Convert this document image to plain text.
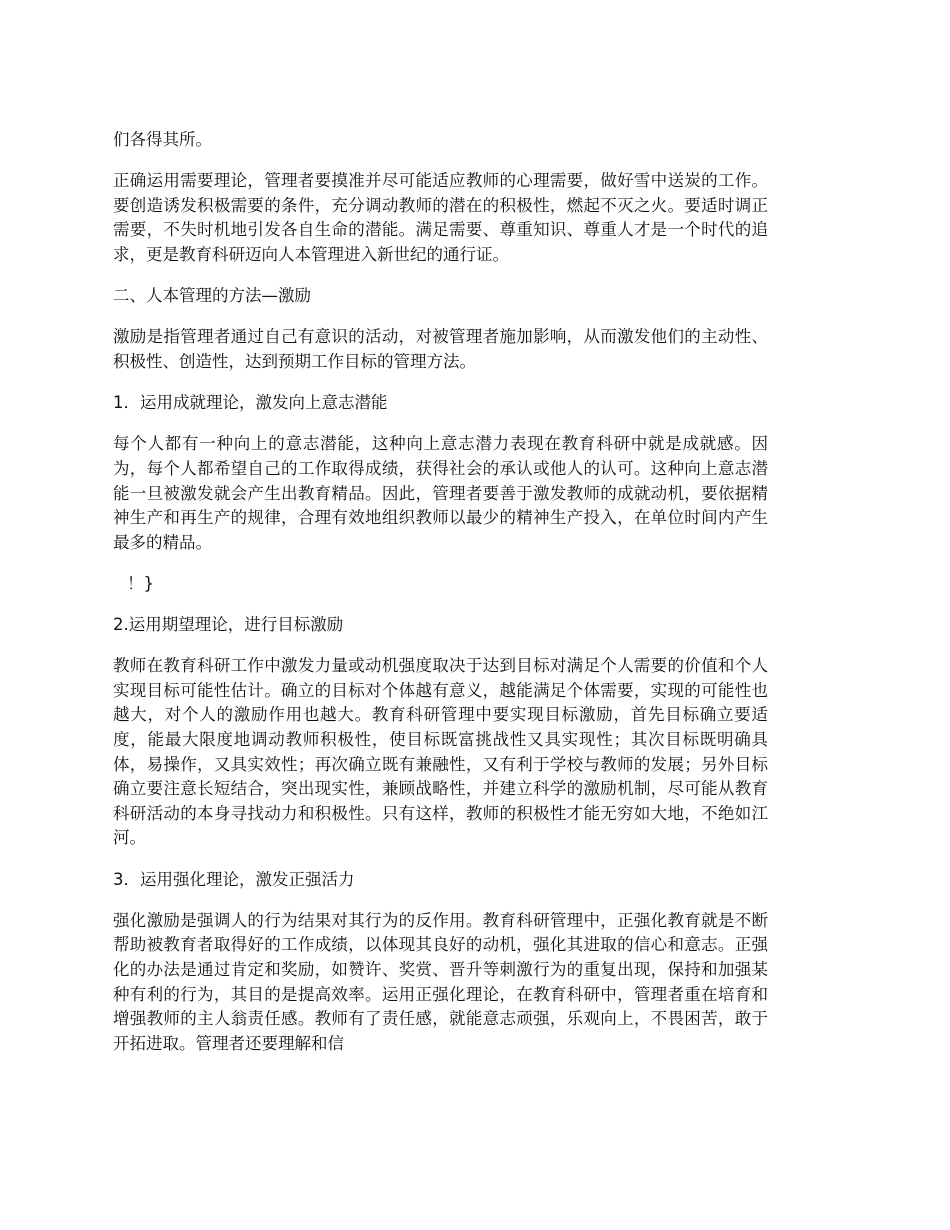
们各得其所。

正确运用需要理论，管理者要摸准并尽可能适应教师的心理需要，做好雪中送炭的工作。要创造诱发积极需要的条件，充分调动教师的潜在的积极性，燃起不灭之火。要适时调正需要，不失时机地引发各自生命的潜能。满足需要、尊重知识、尊重人才是一个时代的追求，更是教育科研迈向人本管理进入新世纪的通行证。

二、人本管理的方法—激励

激励是指管理者通过自己有意识的活动，对被管理者施加影响，从而激发他们的主动性、积极性、创造性，达到预期工作目标的管理方法。

1．运用成就理论，激发向上意志潜能

每个人都有一种向上的意志潜能，这种向上意志潜力表现在教育科研中就是成就感。因为，每个人都希望自己的工作取得成绩，获得社会的承认或他人的认可。这种向上意志潜能一旦被激发就会产生出教育精品。因此，管理者要善于激发教师的成就动机，要依据精神生产和再生产的规律，合理有效地组织教师以最少的精神生产投入，在单位时间内产生最多的精品。

！}

2.运用期望理论，进行目标激励

教师在教育科研工作中激发力量或动机强度取决于达到目标对满足个人需要的价值和个人实现目标可能性估计。确立的目标对个体越有意义，越能满足个体需要，实现的可能性也越大，对个人的激励作用也越大。教育科研管理中要实现目标激励，首先目标确立要适度，能最大限度地调动教师积极性，使目标既富挑战性又具实现性；其次目标既明确具体，易操作，又具实效性；再次确立既有兼融性，又有利于学校与教师的发展；另外目标确立要注意长短结合，突出现实性，兼顾战略性，并建立科学的激励机制，尽可能从教育科研活动的本身寻找动力和积极性。只有这样，教师的积极性才能无穷如大地，不绝如江河。

3．运用强化理论，激发正强活力

强化激励是强调人的行为结果对其行为的反作用。教育科研管理中，正强化教育就是不断帮助被教育者取得好的工作成绩，以体现其良好的动机，强化其进取的信心和意志。正强化的办法是通过肯定和奖励，如赞许、奖赏、晋升等刺激行为的重复出现，保持和加强某种有利的行为，其目的是提高效率。运用正强化理论，在教育科研中，管理者重在培育和增强教师的主人翁责任感。教师有了责任感，就能意志顽强，乐观向上，不畏困苦，敢于开拓进取。管理者还要理解和信
